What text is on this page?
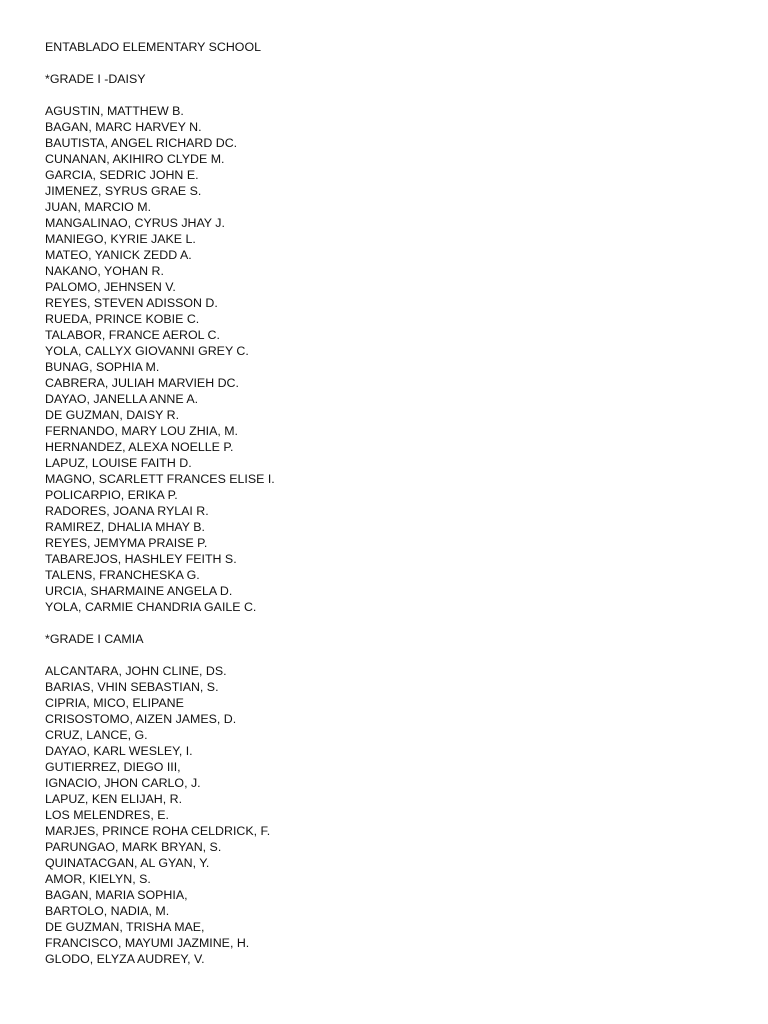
ENTABLADO ELEMENTARY SCHOOL
*GRADE I -DAISY
AGUSTIN, MATTHEW B.
BAGAN, MARC HARVEY N.
BAUTISTA, ANGEL RICHARD DC.
CUNANAN, AKIHIRO CLYDE M.
GARCIA, SEDRIC JOHN E.
JIMENEZ, SYRUS GRAE S.
JUAN, MARCIO M.
MANGALINAO, CYRUS JHAY J.
MANIEGO, KYRIE JAKE L.
MATEO, YANICK ZEDD A.
NAKANO, YOHAN R.
PALOMO, JEHNSEN V.
REYES, STEVEN ADISSON D.
RUEDA, PRINCE KOBIE C.
TALABOR, FRANCE AEROL C.
YOLA, CALLYX GIOVANNI GREY C.
BUNAG, SOPHIA M.
CABRERA, JULIAH MARVIEH DC.
DAYAO, JANELLA ANNE A.
DE GUZMAN, DAISY R.
FERNANDO, MARY LOU ZHIA, M.
HERNANDEZ, ALEXA NOELLE P.
LAPUZ, LOUISE FAITH D.
MAGNO, SCARLETT FRANCES ELISE I.
POLICARPIO, ERIKA P.
RADORES, JOANA RYLAI R.
RAMIREZ, DHALIA MHAY B.
REYES, JEMYMA PRAISE P.
TABAREJOS, HASHLEY FEITH S.
TALENS, FRANCHESKA G.
URCIA, SHARMAINE ANGELA D.
YOLA, CARMIE CHANDRIA GAILE C.
*GRADE I CAMIA
ALCANTARA, JOHN CLINE, DS.
BARIAS, VHIN SEBASTIAN, S.
CIPRIA, MICO, ELIPANE
CRISOSTOMO, AIZEN JAMES, D.
CRUZ, LANCE, G.
DAYAO, KARL WESLEY, I.
GUTIERREZ, DIEGO III,
IGNACIO, JHON CARLO, J.
LAPUZ, KEN ELIJAH, R.
LOS MELENDRES, E.
MARJES, PRINCE ROHA CELDRICK, F.
PARUNGAO, MARK BRYAN, S.
QUINATACGAN, AL GYAN, Y.
AMOR, KIELYN, S.
BAGAN, MARIA SOPHIA,
BARTOLO, NADIA, M.
DE GUZMAN, TRISHA MAE,
FRANCISCO, MAYUMI JAZMINE, H.
GLODO, ELYZA AUDREY, V.
